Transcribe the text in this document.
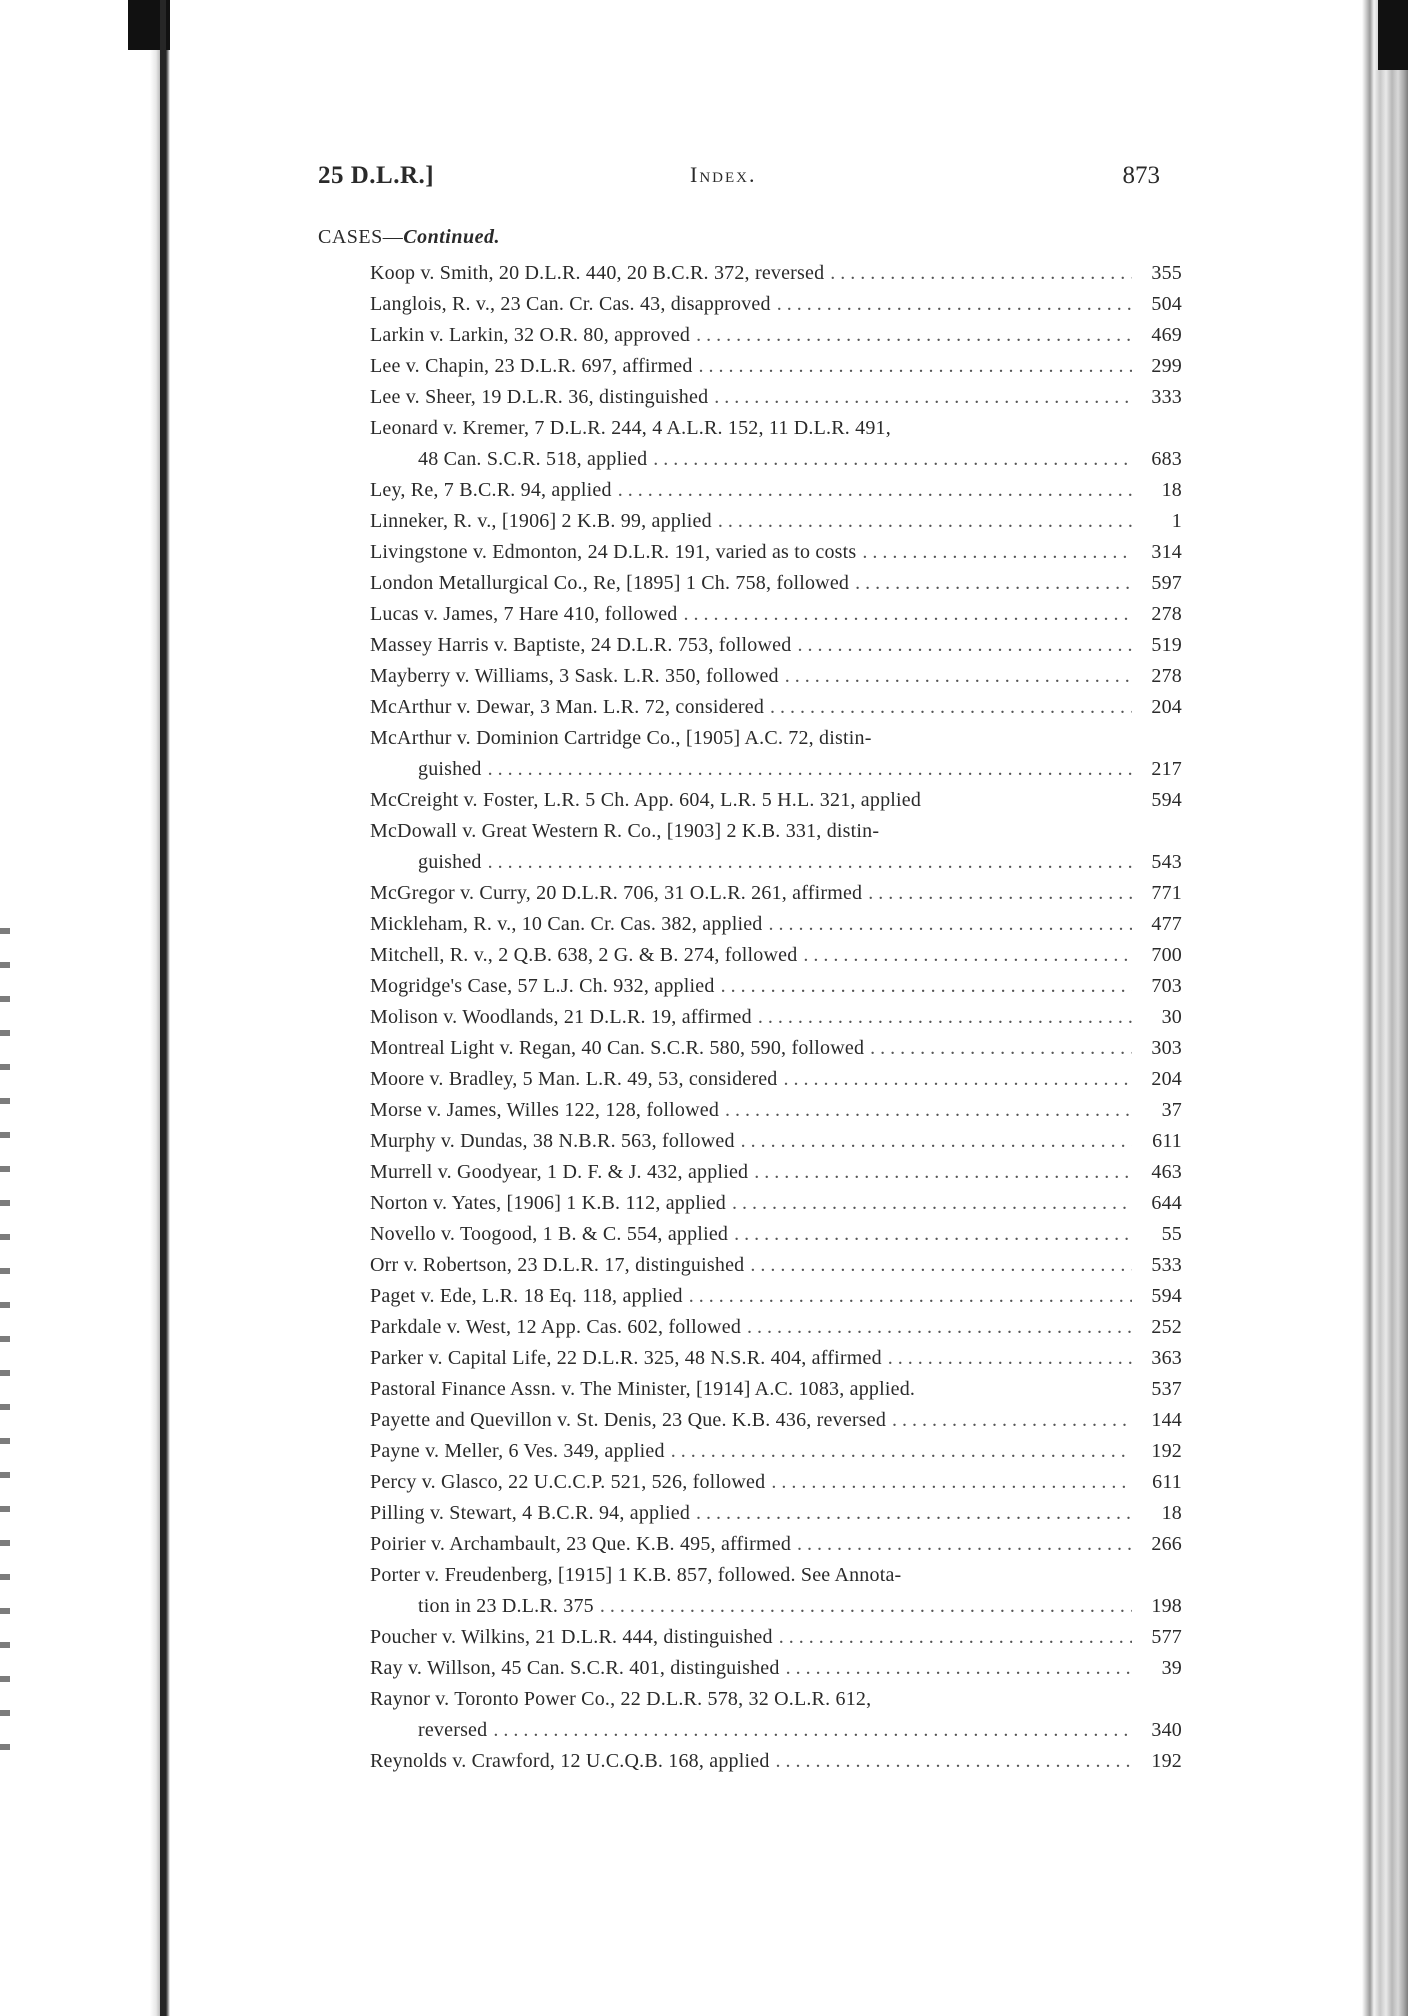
25 D.L.R.]	Index.	873
CASES—Continued.
Koop v. Smith, 20 D.L.R. 440, 20 B.C.R. 372, reversed . . .	355
Langlois, R. v., 23 Can. Cr. Cas. 43, disapproved . . .	504
Larkin v. Larkin, 32 O.R. 80, approved . . .	469
Lee v. Chapin, 23 D.L.R. 697, affirmed . . .	299
Lee v. Sheer, 19 D.L.R. 36, distinguished . . .	333
Leonard v. Kremer, 7 D.L.R. 244, 4 A.L.R. 152, 11 D.L.R. 491,
48 Can. S.C.R. 518, applied . . .	683
Ley, Re, 7 B.C.R. 94, applied . . .	18
Linneker, R. v., [1906] 2 K.B. 99, applied . . .	1
Livingstone v. Edmonton, 24 D.L.R. 191, varied as to costs . . .	314
London Metallurgical Co., Re, [1895] 1 Ch. 758, followed . . .	597
Lucas v. James, 7 Hare 410, followed . . .	278
Massey Harris v. Baptiste, 24 D.L.R. 753, followed . . .	519
Mayberry v. Williams, 3 Sask. L.R. 350, followed . . .	278
McArthur v. Dewar, 3 Man. L.R. 72, considered . . .	204
McArthur v. Dominion Cartridge Co., [1905] A.C. 72, distin-
guished . . .	217
McCreight v. Foster, L.R. 5 Ch. App. 604, L.R. 5 H.L. 321, applied	594
McDowall v. Great Western R. Co., [1903] 2 K.B. 331, distin-
guished . . .	543
McGregor v. Curry, 20 D.L.R. 706, 31 O.L.R. 261, affirmed . . .	771
Mickleham, R. v., 10 Can. Cr. Cas. 382, applied . . .	477
Mitchell, R. v., 2 Q.B. 638, 2 G. & B. 274, followed . . .	700
Mogridge's Case, 57 L.J. Ch. 932, applied . . .	703
Molison v. Woodlands, 21 D.L.R. 19, affirmed . . .	30
Montreal Light v. Regan, 40 Can. S.C.R. 580, 590, followed . . .	303
Moore v. Bradley, 5 Man. L.R. 49, 53, considered . . .	204
Morse v. James, Willes 122, 128, followed . . .	37
Murphy v. Dundas, 38 N.B.R. 563, followed . . .	611
Murrell v. Goodyear, 1 D. F. & J. 432, applied . . .	463
Norton v. Yates, [1906] 1 K.B. 112, applied . . .	644
Novello v. Toogood, 1 B. & C. 554, applied . . .	55
Orr v. Robertson, 23 D.L.R. 17, distinguished . . .	533
Paget v. Ede, L.R. 18 Eq. 118, applied . . .	594
Parkdale v. West, 12 App. Cas. 602, followed . . .	252
Parker v. Capital Life, 22 D.L.R. 325, 48 N.S.R. 404, affirmed . . .	363
Pastoral Finance Assn. v. The Minister, [1914] A.C. 1083, applied.	537
Payette and Quevillon v. St. Denis, 23 Que. K.B. 436, reversed . . .	144
Payne v. Meller, 6 Ves. 349, applied . . .	192
Percy v. Glasco, 22 U.C.C.P. 521, 526, followed . . .	611
Pilling v. Stewart, 4 B.C.R. 94, applied . . .	18
Poirier v. Archambault, 23 Que. K.B. 495, affirmed . . .	266
Porter v. Freudenberg, [1915] 1 K.B. 857, followed. See Annota-
tion in 23 D.L.R. 375 . . .	198
Poucher v. Wilkins, 21 D.L.R. 444, distinguished . . .	577
Ray v. Willson, 45 Can. S.C.R. 401, distinguished . . .	39
Raynor v. Toronto Power Co., 22 D.L.R. 578, 32 O.L.R. 612,
reversed . . .	340
Reynolds v. Crawford, 12 U.C.Q.B. 168, applied . . .	192
